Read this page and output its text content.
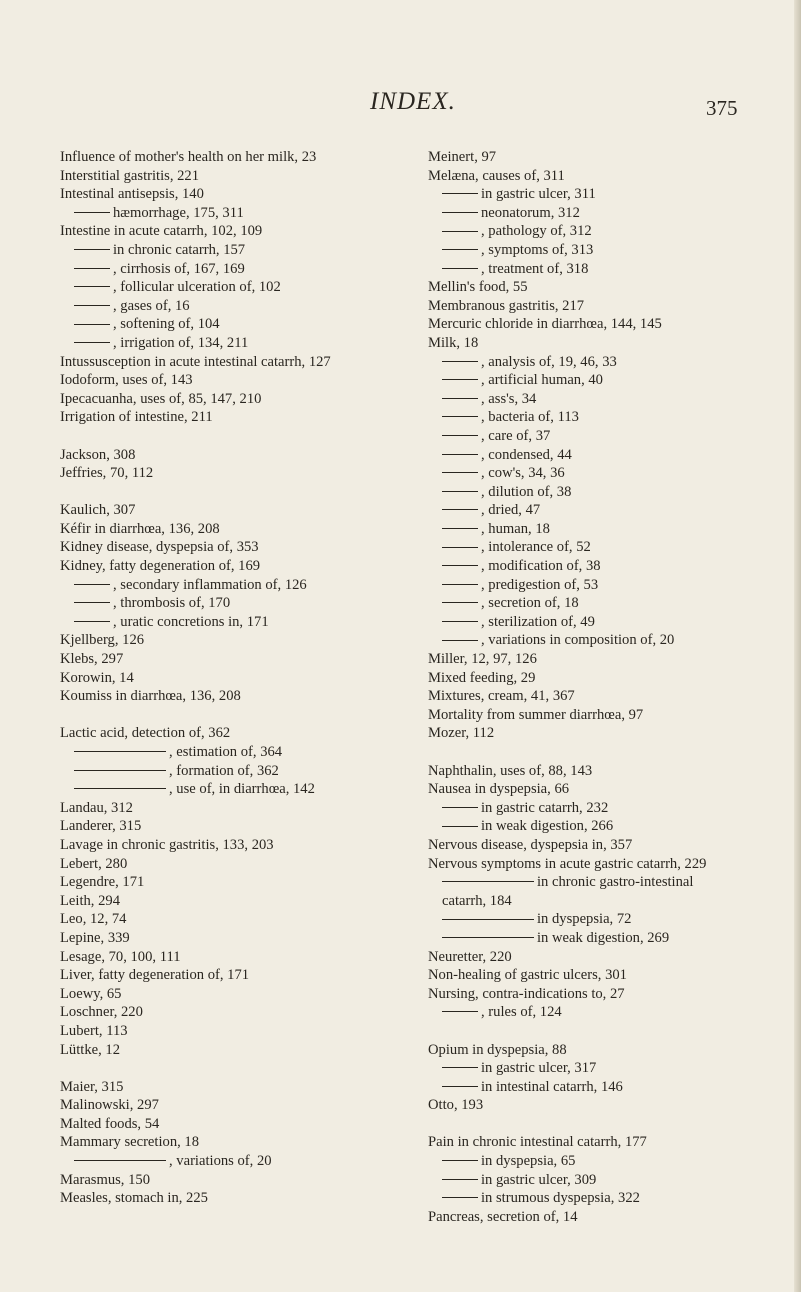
INDEX.	375
Influence of mother's health on her milk, 23
Interstitial gastritis, 221
Intestinal antisepsis, 140
hæmorrhage, 175, 311
Intestine in acute catarrh, 102, 109
in chronic catarrh, 157
, cirrhosis of, 167, 169
, follicular ulceration of, 102
, gases of, 16
, softening of, 104
, irrigation of, 134, 211
Intussusception in acute intestinal catarrh, 127
Iodoform, uses of, 143
Ipecacuanha, uses of, 85, 147, 210
Irrigation of intestine, 211
Jackson, 308
Jeffries, 70, 112
Kaulich, 307
Kéfir in diarrhœa, 136, 208
Kidney disease, dyspepsia of, 353
Kidney, fatty degeneration of, 169
, secondary inflammation of, 126
, thrombosis of, 170
, uratic concretions in, 171
Kjellberg, 126
Klebs, 297
Korowin, 14
Koumiss in diarrhœa, 136, 208
Lactic acid, detection of, 362
, estimation of, 364
, formation of, 362
, use of, in diarrhœa, 142
Landau, 312
Landerer, 315
Lavage in chronic gastritis, 133, 203
Lebert, 280
Legendre, 171
Leith, 294
Leo, 12, 74
Lepine, 339
Lesage, 70, 100, 111
Liver, fatty degeneration of, 171
Loewy, 65
Loschner, 220
Lubert, 113
Lüttke, 12
Maier, 315
Malinowski, 297
Malted foods, 54
Mammary secretion, 18
, variations of, 20
Marasmus, 150
Measles, stomach in, 225
Meinert, 97
Melæna, causes of, 311
in gastric ulcer, 311
neonatorum, 312
, pathology of, 312
, symptoms of, 313
, treatment of, 318
Mellin's food, 55
Membranous gastritis, 217
Mercuric chloride in diarrhœa, 144, 145
Milk, 18
, analysis of, 19, 46, 33
, artificial human, 40
, ass's, 34
, bacteria of, 113
, care of, 37
, condensed, 44
, cow's, 34, 36
, dilution of, 38
, dried, 47
, human, 18
, intolerance of, 52
, modification of, 38
, predigestion of, 53
, secretion of, 18
, sterilization of, 49
, variations in composition of, 20
Miller, 12, 97, 126
Mixed feeding, 29
Mixtures, cream, 41, 367
Mortality from summer diarrhœa, 97
Mozer, 112
Naphthalin, uses of, 88, 143
Nausea in dyspepsia, 66
in gastric catarrh, 232
in weak digestion, 266
Nervous disease, dyspepsia in, 357
Nervous symptoms in acute gastric catarrh, 229
in chronic gastro-intestinal
catarrh, 184
in dyspepsia, 72
in weak digestion, 269
Neuretter, 220
Non-healing of gastric ulcers, 301
Nursing, contra-indications to, 27
, rules of, 124
Opium in dyspepsia, 88
in gastric ulcer, 317
in intestinal catarrh, 146
Otto, 193
Pain in chronic intestinal catarrh, 177
in dyspepsia, 65
in gastric ulcer, 309
in strumous dyspepsia, 322
Pancreas, secretion of, 14
